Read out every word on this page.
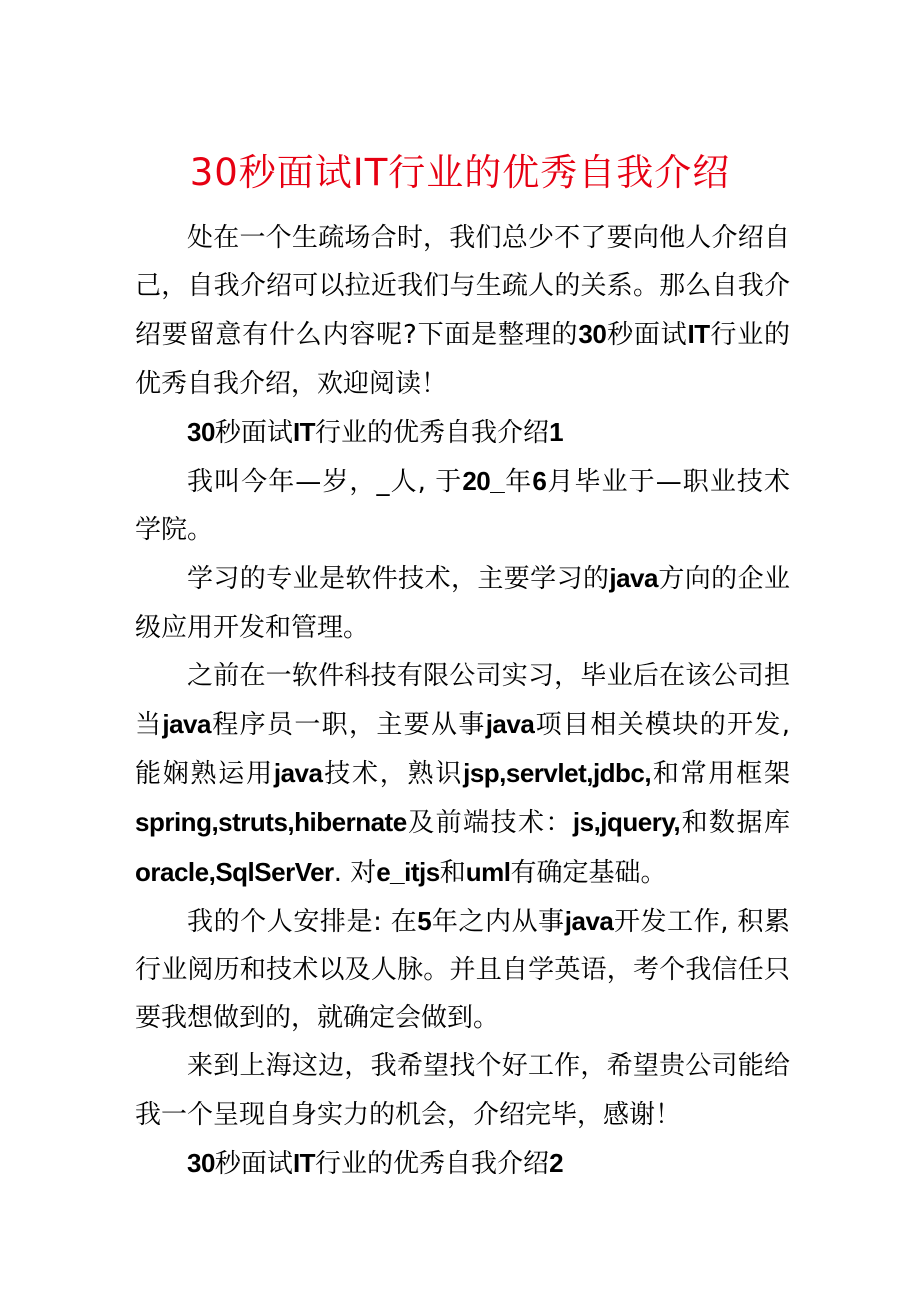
30秒面试IT行业的优秀自我介绍

处在一个生疏场合时，我们总少不了要向他人介绍自己，自我介绍可以拉近我们与生疏人的关系。那么自我介绍要留意有什么内容呢?下面是整理的30秒面试IT行业的优秀自我介绍，欢迎阅读！

30秒面试IT行业的优秀自我介绍1

我叫今年—岁，_人, 于20_年6月毕业于—职业技术学院。

学习的专业是软件技术，主要学习的java方向的企业级应用开发和管理。

之前在一软件科技有限公司实习，毕业后在该公司担当java程序员一职，主要从事java项目相关模块的开发, 能娴熟运用java技术，熟识jsp,servlet,jdbc,和常用框架spring,struts,hibernate及前端技术：js,jquery,和数据库oracle,SqlSerVer. 对e_itjs和uml有确定基础。

我的个人安排是: 在5年之内从事java开发工作, 积累行业阅历和技术以及人脉。并且自学英语，考个我信任只要我想做到的，就确定会做到。

来到上海这边，我希望找个好工作，希望贵公司能给我一个呈现自身实力的机会，介绍完毕，感谢！

30秒面试IT行业的优秀自我介绍2
